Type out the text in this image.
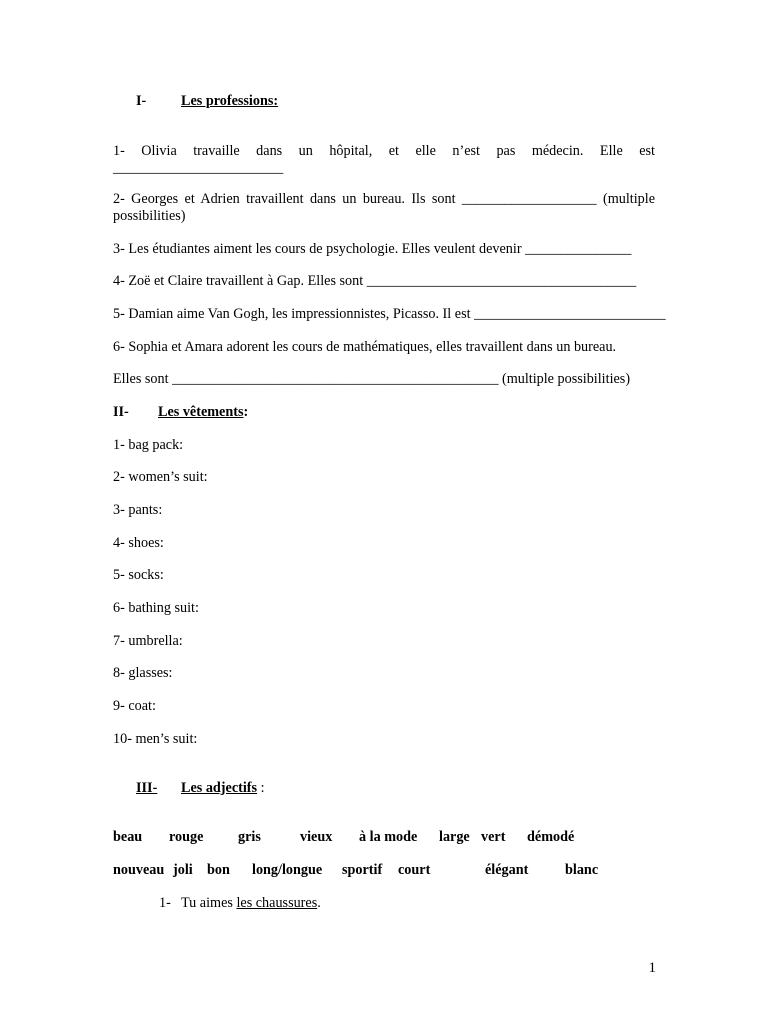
I- Les professions:
1- Olivia travaille dans un hôpital, et elle n’est pas médecin. Elle est
________________________
2- Georges et Adrien travaillent dans un bureau. Ils sont ___________________ (multiple
possibilities)
3- Les étudiantes aiment les cours de psychologie. Elles veulent devenir _______________
4- Zoë et Claire travaillent à Gap. Elles sont ______________________________________
5- Damian aime Van Gogh, les impressionnistes, Picasso. Il est ___________________________
6- Sophia et Amara adorent les cours de mathématiques, elles travaillent dans un bureau.
Elles sont ______________________________________________ (multiple possibilities)
II- Les vêtements:
1- bag pack:
2- women’s suit:
3- pants:
4- shoes:
5- socks:
6- bathing suit:
7- umbrella:
8- glasses:
9- coat:
10- men’s suit:
III- Les adjectifs :
beau rouge gris	vieux à la mode large vert démodé
nouveau joli bon long/longue sportif court	élégant	blanc
1- Tu aimes les chaussures.
1
